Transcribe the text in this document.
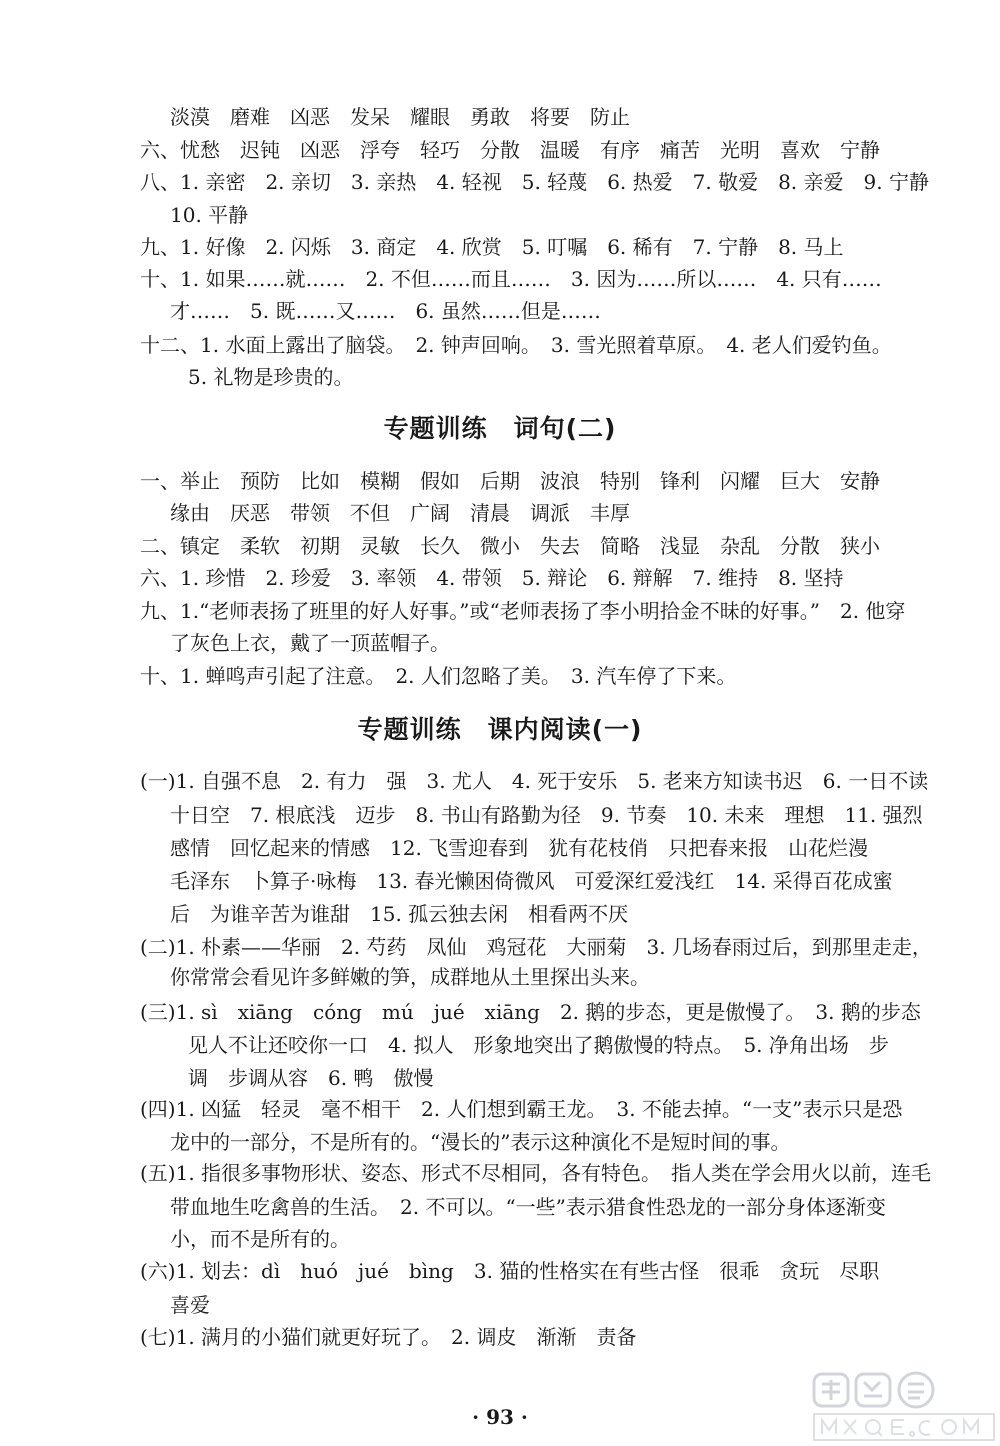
淡漠　磨难　凶恶　发呆　耀眼　勇敢　将要　防止
六、忧愁　迟钝　凶恶　浮夸　轻巧　分散　温暖　有序　痛苦　光明　喜欢　宁静
八、1. 亲密　2. 亲切　3. 亲热　4. 轻视　5. 轻蔑　6. 热爱　7. 敬爱　8. 亲爱　9. 宁静
10. 平静
九、1. 好像　2. 闪烁　3. 商定　4. 欣赏　5. 叮嘱　6. 稀有　7. 宁静　8. 马上
十、1. 如果……就……　2. 不但……而且……　3. 因为……所以……　4. 只有……
才……　5. 既……又……　6. 虽然……但是……
十二、1. 水面上露出了脑袋。　2. 钟声回响。　3. 雪光照着草原。　4. 老人们爱钓鱼。
5. 礼物是珍贵的。
专题训练　词句(二)
一、举止　预防　比如　模糊　假如　后期　波浪　特别　锋利　闪耀　巨大　安静
缘由　厌恶　带领　不但　广阔　清晨　调派　丰厚
二、镇定　柔软　初期　灵敏　长久　微小　失去　简略　浅显　杂乱　分散　狭小
六、1. 珍惜　2. 珍爱　3. 率领　4. 带领　5. 辩论　6. 辩解　7. 维持　8. 坚持
九、1.“老师表扬了班里的好人好事。”或“老师表扬了李小明拾金不昧的好事。”　2. 他穿
了灰色上衣，戴了一顶蓝帽子。
十、1. 蝉鸣声引起了注意。　2. 人们忽略了美。　3. 汽车停了下来。
专题训练　课内阅读(一)
(一)1. 自强不息　2. 有力　强　3. 尤人　4. 死于安乐　5. 老来方知读书迟　6. 一日不读
十日空　7. 根底浅　迈步　8. 书山有路勤为径　9. 节奏　10. 未来　理想　11. 强烈
感情　回忆起来的情感　12. 飞雪迎春到　犹有花枝俏　只把春来报　山花烂漫
毛泽东　卜算子·咏梅　13. 春光懒困倚微风　可爱深红爱浅红　14. 采得百花成蜜
后　为谁辛苦为谁甜　15. 孤云独去闲　相看两不厌
(二)1. 朴素——华丽　2. 芍药　凤仙　鸡冠花　大丽菊　3. 几场春雨过后，到那里走走，
你常常会看见许多鲜嫩的笋，成群地从土里探出头来。
(三)1. sì　xiāng　cóng　mú　jué　xiāng　2. 鹅的步态，更是傲慢了。　3. 鹅的步态
见人不让还咬你一口　4. 拟人　形象地突出了鹅傲慢的特点。　5. 净角出场　步
调　步调从容　6. 鸭　傲慢
(四)1. 凶猛　轻灵　毫不相干　2. 人们想到霸王龙。　3. 不能去掉。“一支”表示只是恐
龙中的一部分，不是所有的。“漫长的”表示这种演化不是短时间的事。
(五)1. 指很多事物形状、姿态、形式不尽相同，各有特色。　指人类在学会用火以前，连毛
带血地生吃禽兽的生活。　2. 不可以。“一些”表示猎食性恐龙的一部分身体逐渐变
小，而不是所有的。
(六)1. 划去：dì　huó　jué　bìng　3. 猫的性格实在有些古怪　很乖　贪玩　尽职
喜爱
(七)1. 满月的小猫们就更好玩了。　2. 调皮　渐渐　责备
· 93 ·
